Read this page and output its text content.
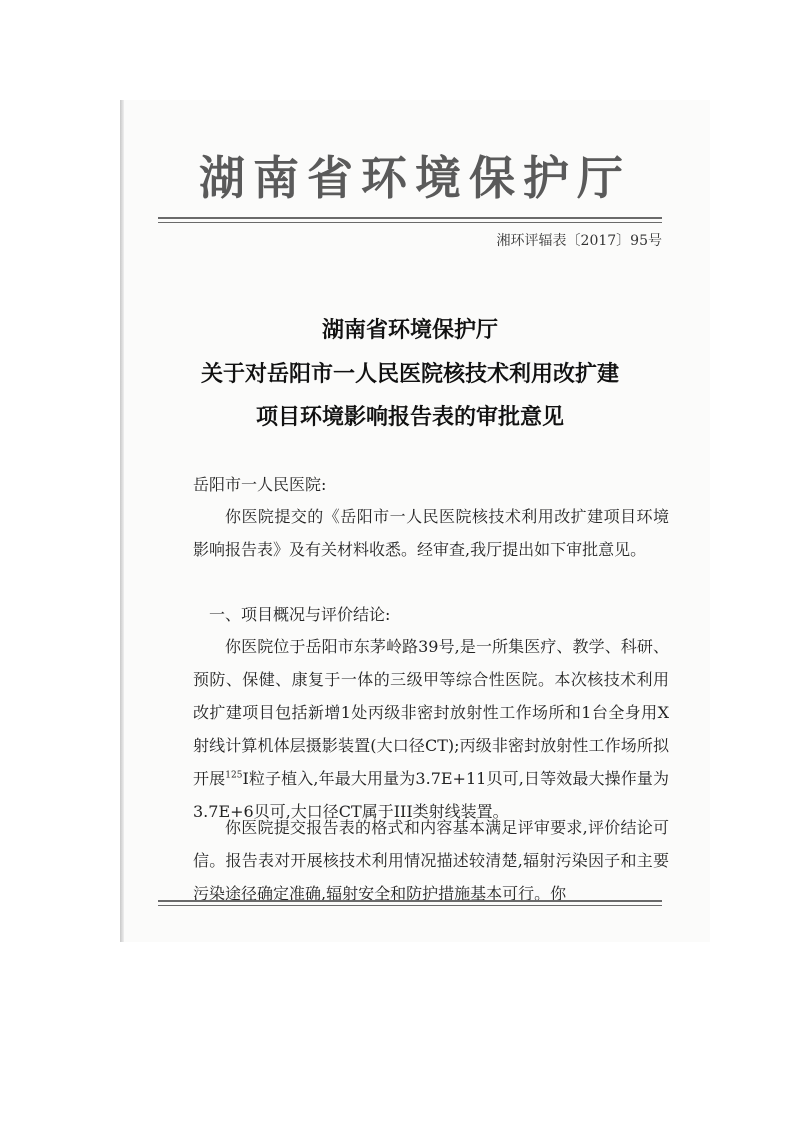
湖南省环境保护厅
湘环评辐表〔2017〕95号
湖南省环境保护厅
关于对岳阳市一人民医院核技术利用改扩建
项目环境影响报告表的审批意见
岳阳市一人民医院:
你医院提交的《岳阳市一人民医院核技术利用改扩建项目环境影响报告表》及有关材料收悉。经审查,我厅提出如下审批意见。
一、项目概况与评价结论:
你医院位于岳阳市东茅岭路39号,是一所集医疗、教学、科研、预防、保健、康复于一体的三级甲等综合性医院。本次核技术利用改扩建项目包括新增1处丙级非密封放射性工作场所和1台全身用X射线计算机体层摄影装置(大口径CT);丙级非密封放射性工作场所拟开展$^{125}$I粒子植入,年最大用量为3.7E+11贝可,日等效最大操作量为3.7E+6贝可,大口径CT属于III类射线装置。
你医院提交报告表的格式和内容基本满足评审要求,评价结论可信。报告表对开展核技术利用情况描述较清楚,辐射污染因子和主要污染途径确定准确,辐射安全和防护措施基本可行。你
